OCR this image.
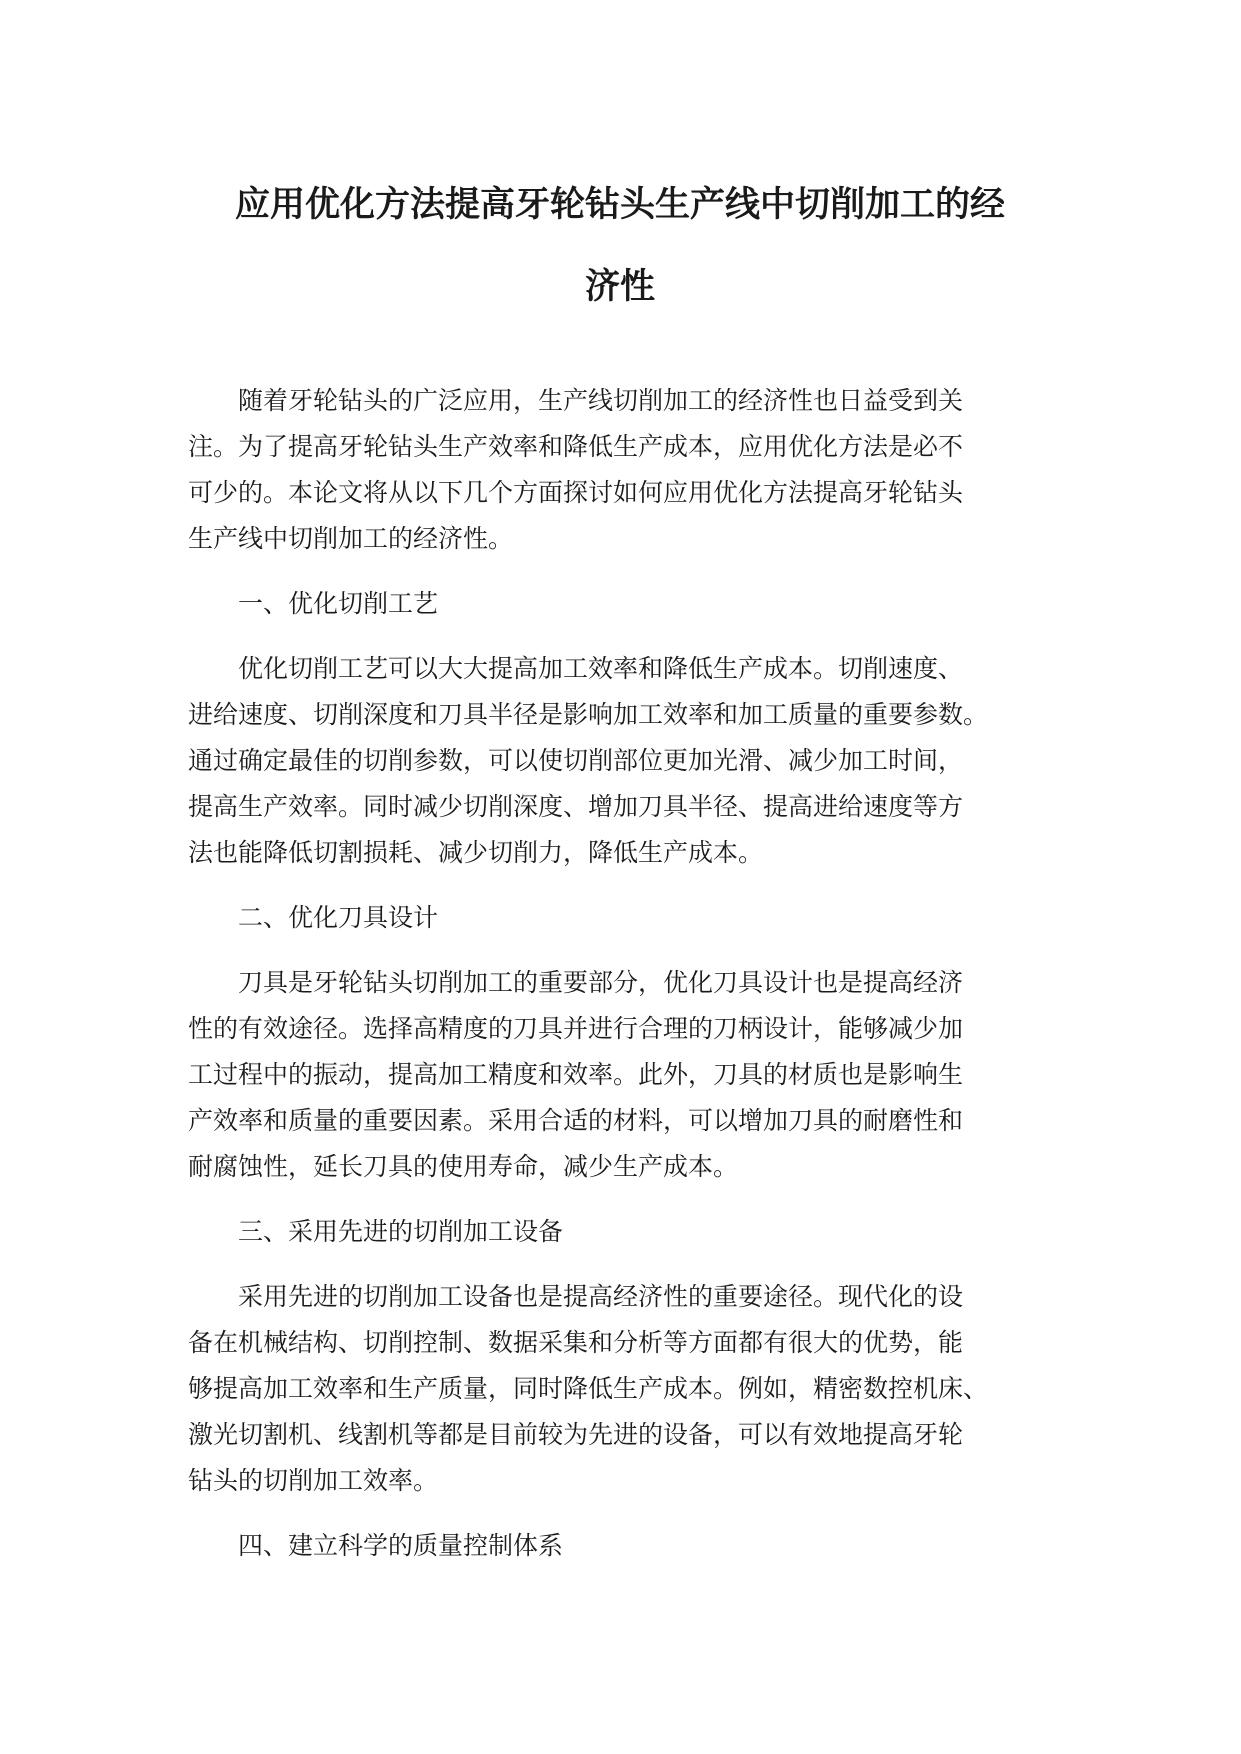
应用优化方法提高牙轮钻头生产线中切削加工的经
济性

随着牙轮钻头的广泛应用，生产线切削加工的经济性也日益受到关
注。为了提高牙轮钻头生产效率和降低生产成本，应用优化方法是必不
可少的。本论文将从以下几个方面探讨如何应用优化方法提高牙轮钻头
生产线中切削加工的经济性。

一、优化切削工艺

优化切削工艺可以大大提高加工效率和降低生产成本。切削速度、
进给速度、切削深度和刀具半径是影响加工效率和加工质量的重要参数。
通过确定最佳的切削参数，可以使切削部位更加光滑、减少加工时间，
提高生产效率。同时减少切削深度、增加刀具半径、提高进给速度等方
法也能降低切割损耗、减少切削力，降低生产成本。

二、优化刀具设计

刀具是牙轮钻头切削加工的重要部分，优化刀具设计也是提高经济
性的有效途径。选择高精度的刀具并进行合理的刀柄设计，能够减少加
工过程中的振动，提高加工精度和效率。此外，刀具的材质也是影响生
产效率和质量的重要因素。采用合适的材料，可以增加刀具的耐磨性和
耐腐蚀性，延长刀具的使用寿命，减少生产成本。

三、采用先进的切削加工设备

采用先进的切削加工设备也是提高经济性的重要途径。现代化的设
备在机械结构、切削控制、数据采集和分析等方面都有很大的优势，能
够提高加工效率和生产质量，同时降低生产成本。例如，精密数控机床、
激光切割机、线割机等都是目前较为先进的设备，可以有效地提高牙轮
钻头的切削加工效率。

四、建立科学的质量控制体系
